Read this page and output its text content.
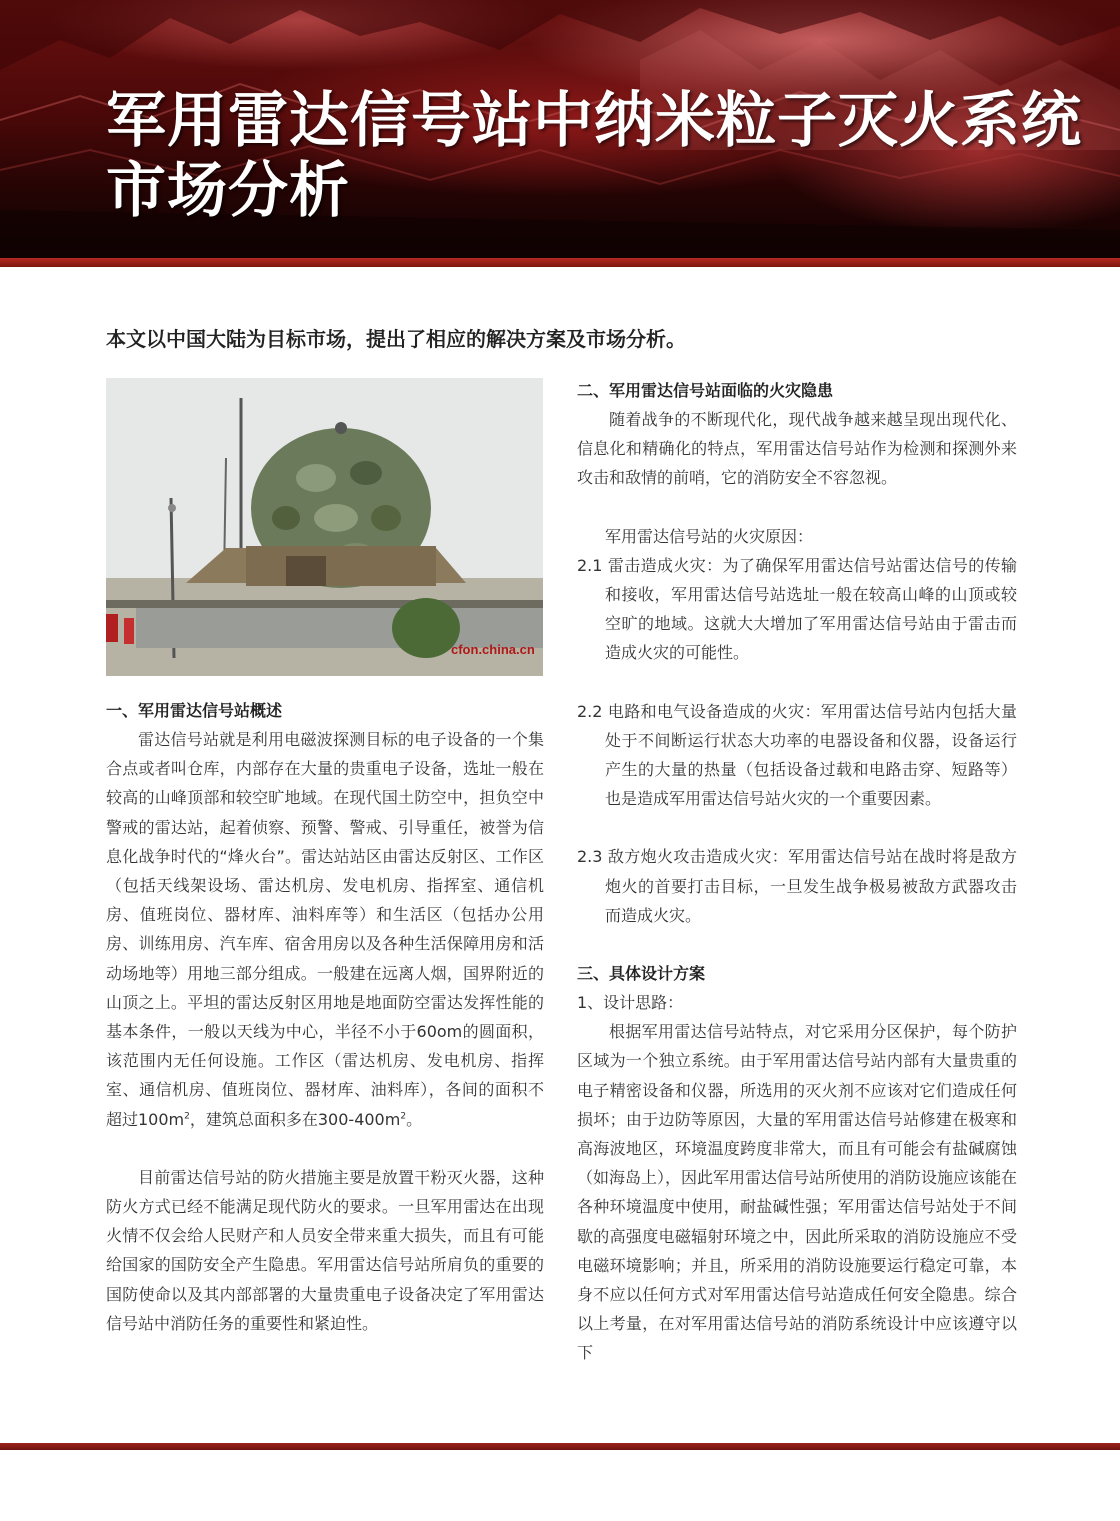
军用雷达信号站中纳米粒子灭火系统
市场分析

本文以中国大陆为目标市场，提出了相应的解决方案及市场分析。

cfon.china.cn
一、军用雷达信号站概述

雷达信号站就是利用电磁波探测目标的电子设备的一个集合点或者叫仓库，内部存在大量的贵重电子设备，选址一般在较高的山峰顶部和较空旷地域。在现代国土防空中，担负空中警戒的雷达站，起着侦察、预警、警戒、引导重任，被誉为信息化战争时代的“烽火台”。雷达站站区由雷达反射区、工作区（包括天线架设场、雷达机房、发电机房、指挥室、通信机房、值班岗位、器材库、油料库等）和生活区（包括办公用房、训练用房、汽车库、宿舍用房以及各种生活保障用房和活动场地等）用地三部分组成。一般建在远离人烟，国界附近的山顶之上。平坦的雷达反射区用地是地面防空雷达发挥性能的基本条件，一般以天线为中心，半径不小于60om的圆面积，该范围内无任何设施。工作区（雷达机房、发电机房、指挥室、通信机房、值班岗位、器材库、油料库），各间的面积不超过$100m^2$，建筑总面积多在$300-400m^2$。

目前雷达信号站的防火措施主要是放置干粉灭火器，这种防火方式已经不能满足现代防火的要求。一旦军用雷达在出现火情不仅会给人民财产和人员安全带来重大损失，而且有可能给国家的国防安全产生隐患。军用雷达信号站所肩负的重要的国防使命以及其内部部署的大量贵重电子设备决定了军用雷达信号站中消防任务的重要性和紧迫性。

二、军用雷达信号站面临的火灾隐患

随着战争的不断现代化，现代战争越来越呈现出现代化、信息化和精确化的特点，军用雷达信号站作为检测和探测外来攻击和敌情的前哨，它的消防安全不容忽视。

军用雷达信号站的火灾原因：

2.1 雷击造成火灾：为了确保军用雷达信号站雷达信号的传输和接收，军用雷达信号站选址一般在较高山峰的山顶或较空旷的地域。这就大大增加了军用雷达信号站由于雷击而造成火灾的可能性。

2.2 电路和电气设备造成的火灾：军用雷达信号站内包括大量处于不间断运行状态大功率的电器设备和仪器，设备运行产生的大量的热量（包括设备过载和电路击穿、短路等）也是造成军用雷达信号站火灾的一个重要因素。

2.3 敌方炮火攻击造成火灾：军用雷达信号站在战时将是敌方炮火的首要打击目标，一旦发生战争极易被敌方武器攻击而造成火灾。

三、具体设计方案

1、设计思路：

根据军用雷达信号站特点，对它采用分区保护，每个防护区域为一个独立系统。由于军用雷达信号站内部有大量贵重的电子精密设备和仪器，所选用的灭火剂不应该对它们造成任何损坏；由于边防等原因，大量的军用雷达信号站修建在极寒和高海波地区，环境温度跨度非常大，而且有可能会有盐碱腐蚀（如海岛上），因此军用雷达信号站所使用的消防设施应该能在各种环境温度中使用，耐盐碱性强；军用雷达信号站处于不间歇的高强度电磁辐射环境之中，因此所采取的消防设施应不受电磁环境影响；并且，所采用的消防设施要运行稳定可靠，本身不应以任何方式对军用雷达信号站造成任何安全隐患。综合以上考量，在对军用雷达信号站的消防系统设计中应该遵守以下
